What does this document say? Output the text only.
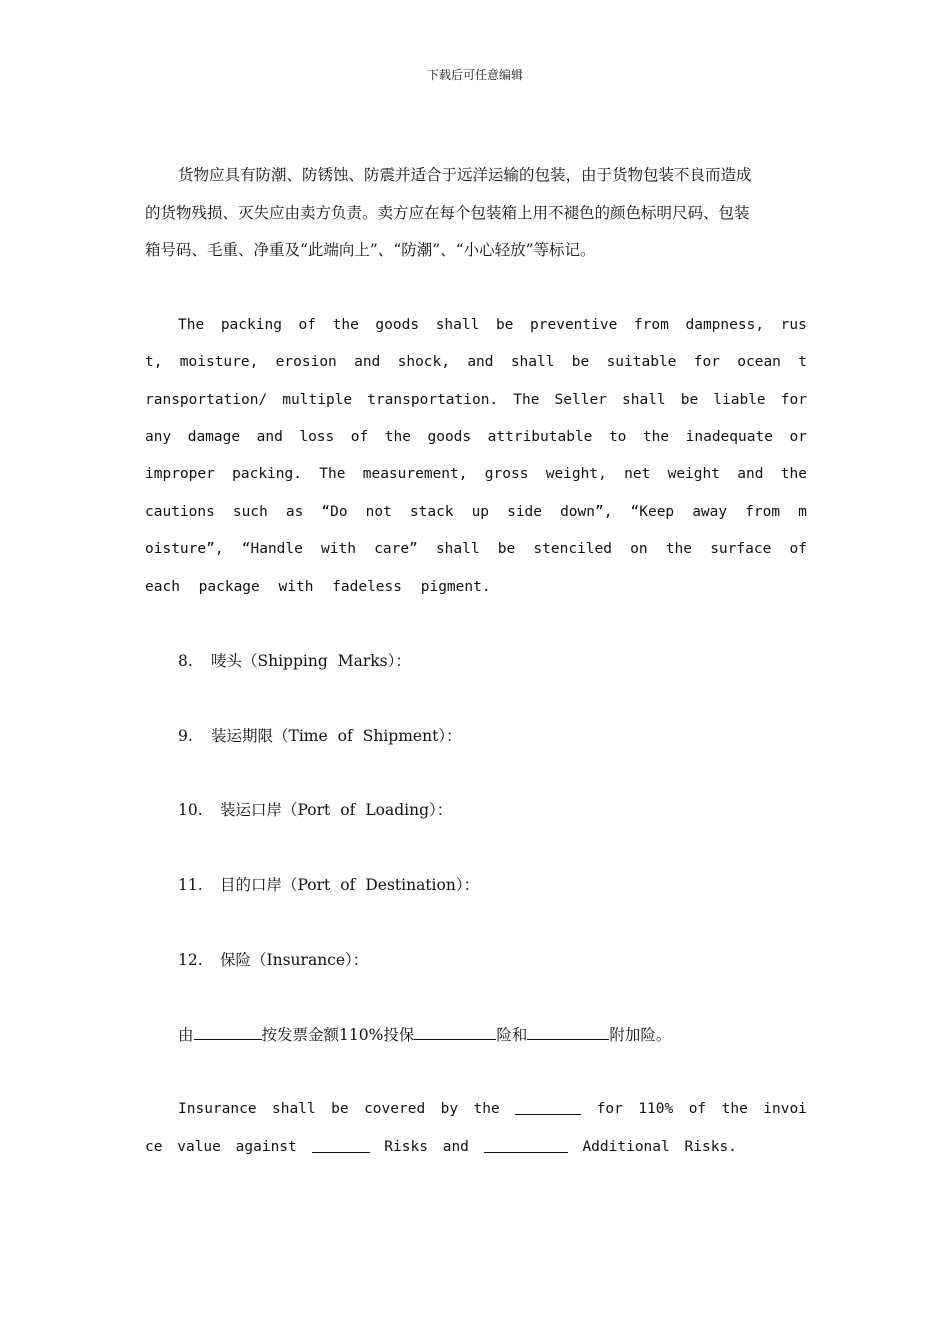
下载后可任意编辑
货物应具有防潮、防锈蚀、防震并适合于远洋运输的包装，由于货物包装不良而造成
的货物残损、灭失应由卖方负责。卖方应在每个包装箱上用不褪色的颜色标明尺码、包装
箱号码、毛重、净重及“此端向上”、“防潮”、“小心轻放”等标记。
The packing of the goods shall be preventive from dampness, rus
t, moisture, erosion and shock, and shall be suitable for ocean t
ransportation/ multiple transportation. The Seller shall be liable for
any damage and loss of the goods attributable to the inadequate or
improper packing. The measurement, gross weight, net weight and the
cautions such as “Do not stack up side down”, “Keep away from m
oisture”, “Handle with care” shall be stenciled on the surface of
each package with fadeless pigment.
8. 唛头（Shipping Marks）：
9. 装运期限（Time of Shipment）：
10. 装运口岸（Port of Loading）：
11. 目的口岸（Port of Destination）：
12. 保险（Insurance）：
由	按发票金额110%投保	险和	附加险。
Insurance shall be covered by the	for 110% of the invoi
ce value against	Risks and	Additional Risks.
